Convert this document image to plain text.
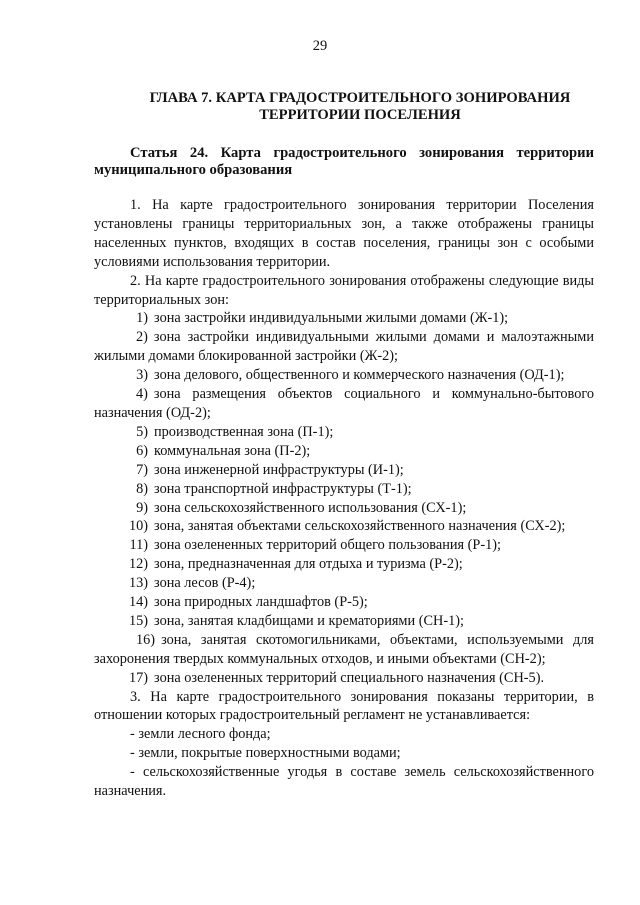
29
ГЛАВА 7. КАРТА ГРАДОСТРОИТЕЛЬНОГО ЗОНИРОВАНИЯ
ТЕРРИТОРИИ ПОСЕЛЕНИЯ
Статья 24. Карта градостроительного зонирования территории муниципального образования

1. На карте градостроительного зонирования территории Поселения установлены границы территориальных зон, а также отображены границы населенных пунктов, входящих в состав поселения, границы зон с особыми условиями использования территории.

2. На карте градостроительного зонирования отображены следующие виды территориальных зон:

1) зона застройки индивидуальными жилыми домами (Ж-1);

2) зона застройки индивидуальными жилыми домами и малоэтажными жилыми домами блокированной застройки (Ж-2);

3) зона делового, общественного и коммерческого назначения (ОД-1);

4) зона размещения объектов социального и коммунально-бытового назначения (ОД-2);

5) производственная зона (П-1);
6) коммунальная зона (П-2);
7) зона инженерной инфраструктуры (И-1);
8) зона транспортной инфраструктуры (Т-1);
9) зона сельскохозяйственного использования (СХ-1);
10) зона, занятая объектами сельскохозяйственного назначения (СХ-2);
11) зона озелененных территорий общего пользования (Р-1);
12) зона, предназначенная для отдыха и туризма (Р-2);
13) зона лесов (Р-4);
14) зона природных ландшафтов (Р-5);
15) зона, занятая кладбищами и крематориями (СН-1);

16) зона, занятая скотомогильниками, объектами, используемыми для захоронения твердых коммунальных отходов, и иными объектами (СН-2);

17) зона озелененных территорий специального назначения (СН-5).

3. На карте градостроительного зонирования показаны территории, в отношении которых градостроительный регламент не устанавливается:

- земли лесного фонда;

- земли, покрытые поверхностными водами;

- сельскохозяйственные угодья в составе земель сельскохозяйственного назначения.
